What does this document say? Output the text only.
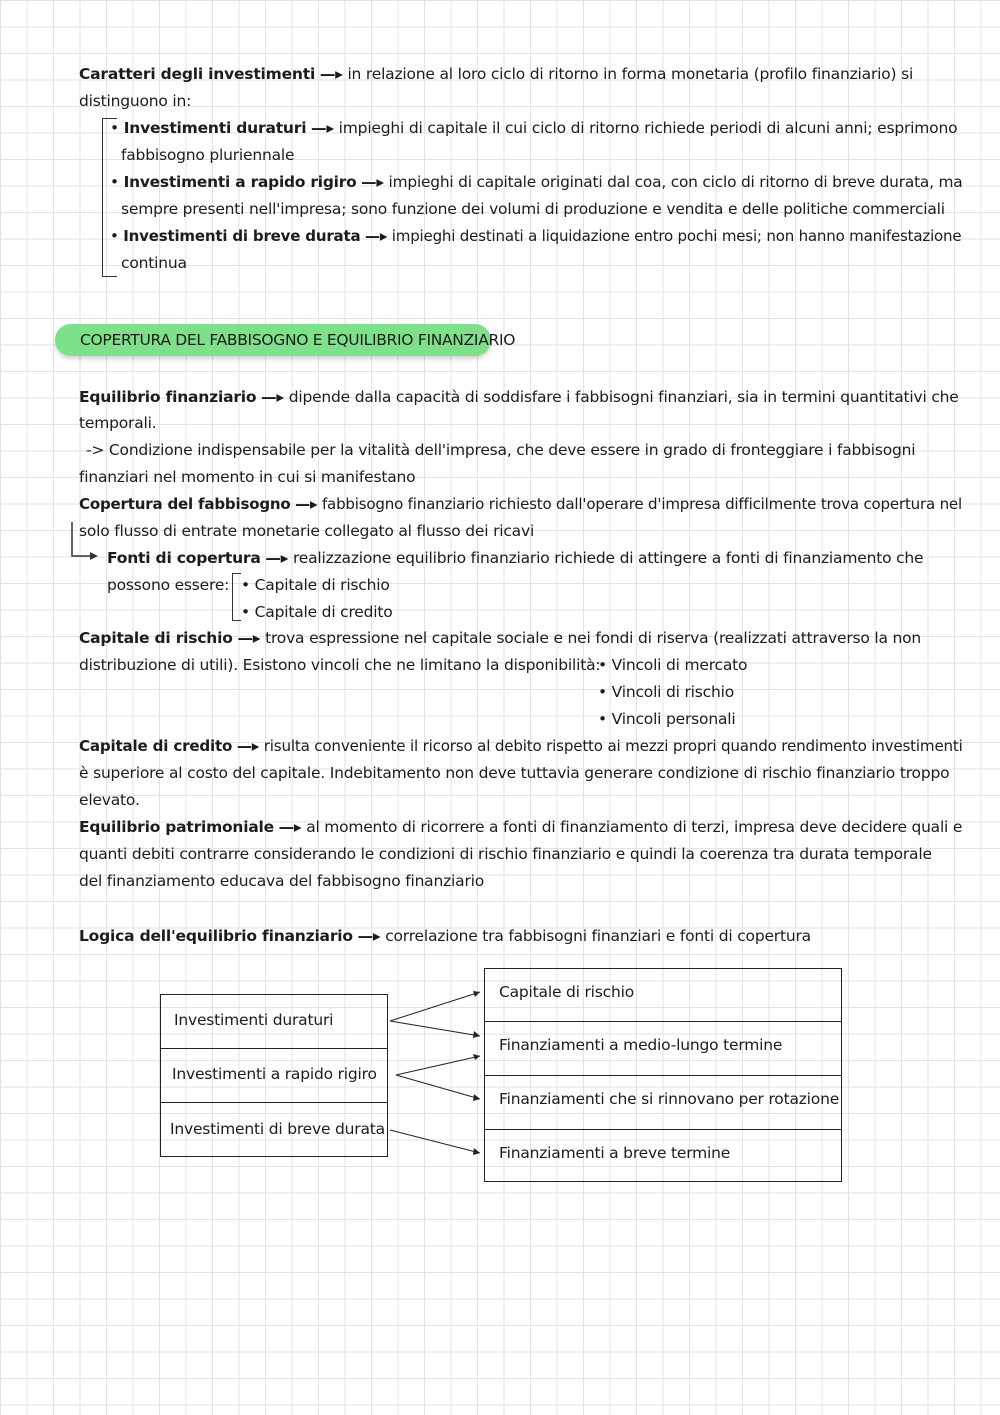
Caratteri degli investimenti —▸ in relazione al loro ciclo di ritorno in forma monetaria (profilo finanziario) si
distinguono in:
• Investimenti duraturi —▸ impieghi di capitale il cui ciclo di ritorno richiede periodi di alcuni anni; esprimono
fabbisogno pluriennale
• Investimenti a rapido rigiro —▸ impieghi di capitale originati dal coa, con ciclo di ritorno di breve durata, ma
sempre presenti nell'impresa; sono funzione dei volumi di produzione e vendita e delle politiche commerciali
• Investimenti di breve durata —▸ impieghi destinati a liquidazione entro pochi mesi; non hanno manifestazione
continua
COPERTURA DEL FABBISOGNO E EQUILIBRIO FINANZIARIO
Equilibrio finanziario —▸ dipende dalla capacità di soddisfare i fabbisogni finanziari, sia in termini quantitativi che
temporali.
-> Condizione indispensabile per la vitalità dell'impresa, che deve essere in grado di fronteggiare i fabbisogni
finanziari nel momento in cui si manifestano
Copertura del fabbisogno —▸ fabbisogno finanziario richiesto dall'operare d'impresa difficilmente trova copertura nel
solo flusso di entrate monetarie collegato al flusso dei ricavi
Fonti di copertura —▸ realizzazione equilibrio finanziario richiede di attingere a fonti di finanziamento che
possono essere:	• Capitale di rischio
• Capitale di credito
Capitale di rischio —▸ trova espressione nel capitale sociale e nei fondi di riserva (realizzati attraverso la non
distribuzione di utili). Esistono vincoli che ne limitano la disponibilità: • Vincoli di mercato
• Vincoli di rischio
• Vincoli personali
Capitale di credito —▸ risulta conveniente il ricorso al debito rispetto ai mezzi propri quando rendimento investimenti
è superiore al costo del capitale. Indebitamento non deve tuttavia generare condizione di rischio finanziario troppo
elevato.
Equilibrio patrimoniale —▸ al momento di ricorrere a fonti di finanziamento di terzi, impresa deve decidere quali e
quanti debiti contrarre considerando le condizioni di rischio finanziario e quindi la coerenza tra durata temporale
del finanziamento educava del fabbisogno finanziario
Logica dell'equilibrio finanziario —▸ correlazione tra fabbisogni finanziari e fonti di copertura
Investimenti duraturi
Investimenti a rapido rigiro
Investimenti di breve durata
Capitale di rischio
Finanziamenti a medio-lungo termine
Finanziamenti che si rinnovano per rotazione
Finanziamenti a breve termine
